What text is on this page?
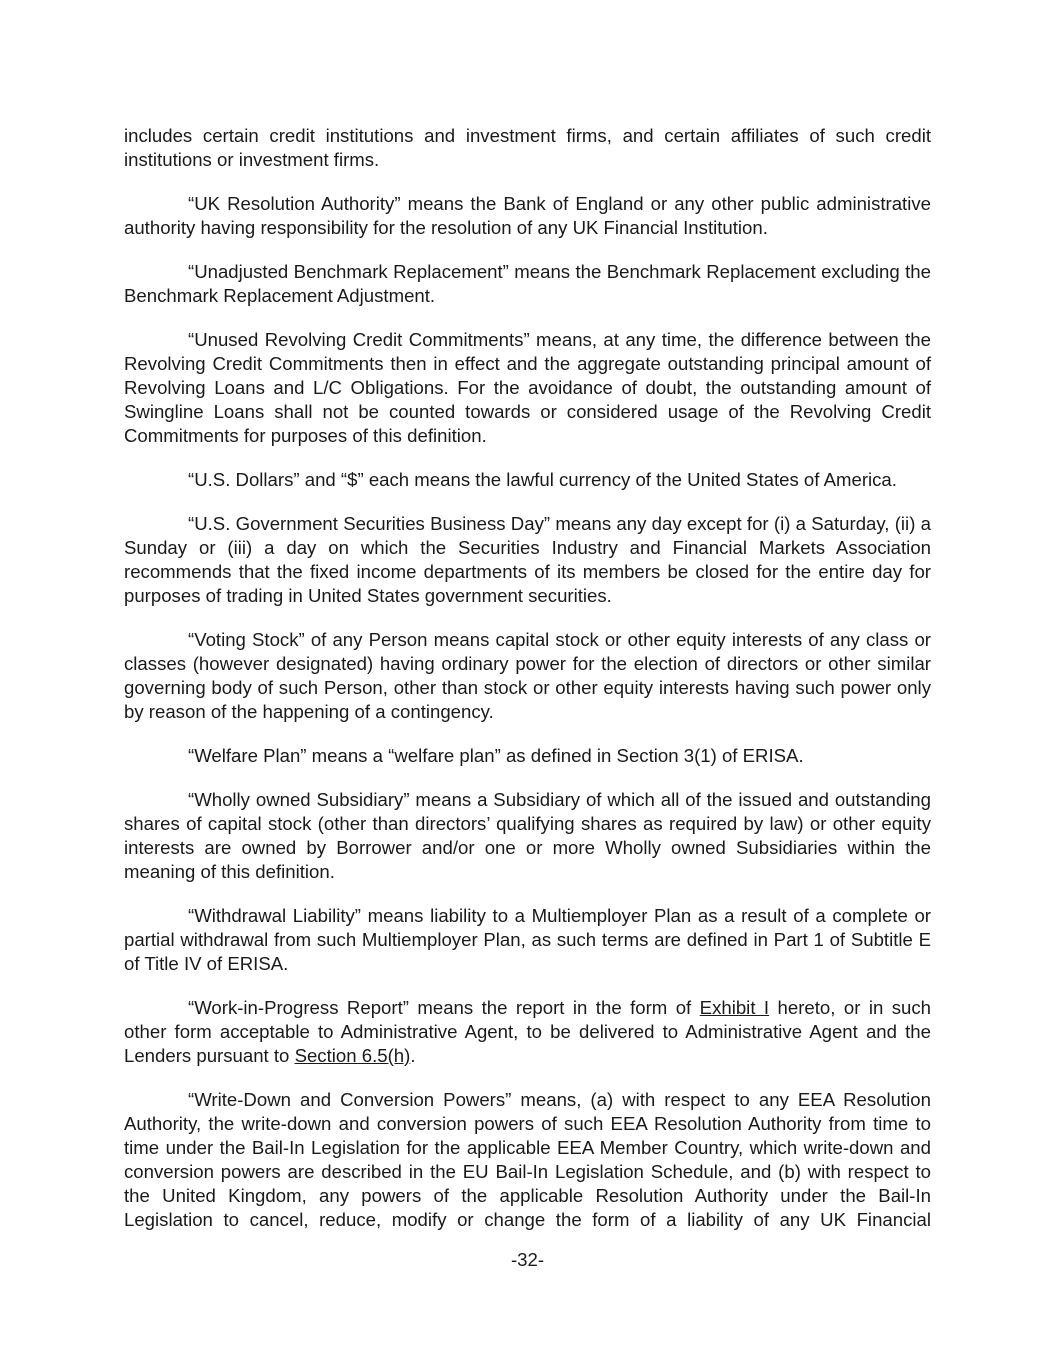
includes certain credit institutions and investment firms, and certain affiliates of such credit institutions or investment firms.

“UK Resolution Authority” means the Bank of England or any other public administrative authority having responsibility for the resolution of any UK Financial Institution.

“Unadjusted Benchmark Replacement” means the Benchmark Replacement excluding the Benchmark Replacement Adjustment.

“Unused Revolving Credit Commitments” means, at any time, the difference between the Revolving Credit Commitments then in effect and the aggregate outstanding principal amount of Revolving Loans and L/C Obligations. For the avoidance of doubt, the outstanding amount of Swingline Loans shall not be counted towards or considered usage of the Revolving Credit Commitments for purposes of this definition.

“U.S. Dollars” and “$” each means the lawful currency of the United States of America.

“U.S. Government Securities Business Day” means any day except for (i) a Saturday, (ii) a Sunday or (iii) a day on which the Securities Industry and Financial Markets Association recommends that the fixed income departments of its members be closed for the entire day for purposes of trading in United States government securities.

“Voting Stock” of any Person means capital stock or other equity interests of any class or classes (however designated) having ordinary power for the election of directors or other similar governing body of such Person, other than stock or other equity interests having such power only by reason of the happening of a contingency.

“Welfare Plan” means a “welfare plan” as defined in Section 3(1) of ERISA.

“Wholly owned Subsidiary” means a Subsidiary of which all of the issued and outstanding shares of capital stock (other than directors’ qualifying shares as required by law) or other equity interests are owned by Borrower and/or one or more Wholly owned Subsidiaries within the meaning of this definition.

“Withdrawal Liability” means liability to a Multiemployer Plan as a result of a complete or partial withdrawal from such Multiemployer Plan, as such terms are defined in Part 1 of Subtitle E of Title IV of ERISA.

“Work-in-Progress Report” means the report in the form of Exhibit I hereto, or in such other form acceptable to Administrative Agent, to be delivered to Administrative Agent and the Lenders pursuant to Section 6.5(h).

“Write-Down and Conversion Powers” means, (a) with respect to any EEA Resolution Authority, the write-down and conversion powers of such EEA Resolution Authority from time to time under the Bail-In Legislation for the applicable EEA Member Country, which write-down and conversion powers are described in the EU Bail-In Legislation Schedule, and (b) with respect to the United Kingdom, any powers of the applicable Resolution Authority under the Bail-In Legislation to cancel, reduce, modify or change the form of a liability of any UK Financial

-32-
